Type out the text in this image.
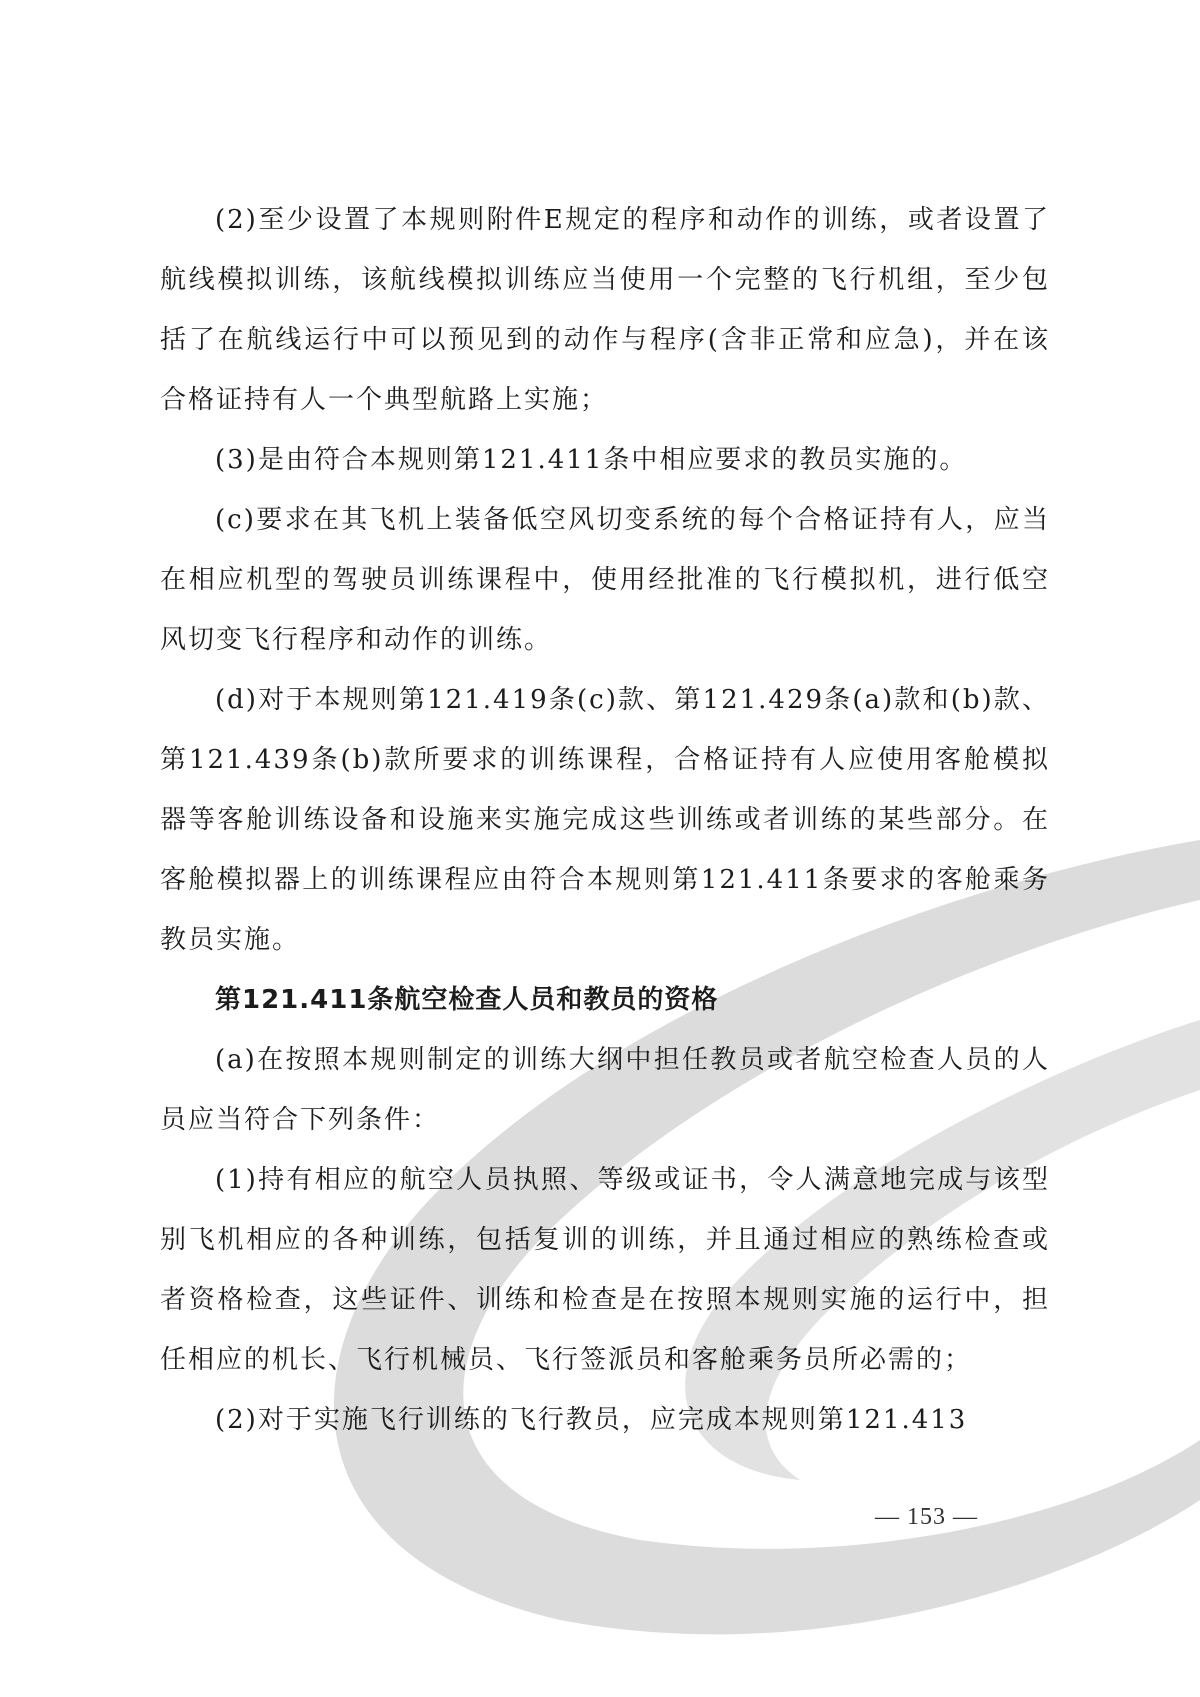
(2)至少设置了本规则附件E规定的程序和动作的训练，或者设置了航线模拟训练，该航线模拟训练应当使用一个完整的飞行机组，至少包括了在航线运行中可以预见到的动作与程序(含非正常和应急)，并在该合格证持有人一个典型航路上实施；

(3)是由符合本规则第121.411条中相应要求的教员实施的。

(c)要求在其飞机上装备低空风切变系统的每个合格证持有人，应当在相应机型的驾驶员训练课程中，使用经批准的飞行模拟机，进行低空风切变飞行程序和动作的训练。

(d)对于本规则第121.419条(c)款、第121.429条(a)款和(b)款、第121.439条(b)款所要求的训练课程，合格证持有人应使用客舱模拟器等客舱训练设备和设施来实施完成这些训练或者训练的某些部分。在客舱模拟器上的训练课程应由符合本规则第121.411条要求的客舱乘务教员实施。

第121.411条航空检查人员和教员的资格

(a)在按照本规则制定的训练大纲中担任教员或者航空检查人员的人员应当符合下列条件：

(1)持有相应的航空人员执照、等级或证书，令人满意地完成与该型别飞机相应的各种训练，包括复训的训练，并且通过相应的熟练检查或者资格检查，这些证件、训练和检查是在按照本规则实施的运行中，担任相应的机长、飞行机械员、飞行签派员和客舱乘务员所必需的；

(2)对于实施飞行训练的飞行教员，应完成本规则第121.413

— 153 —
